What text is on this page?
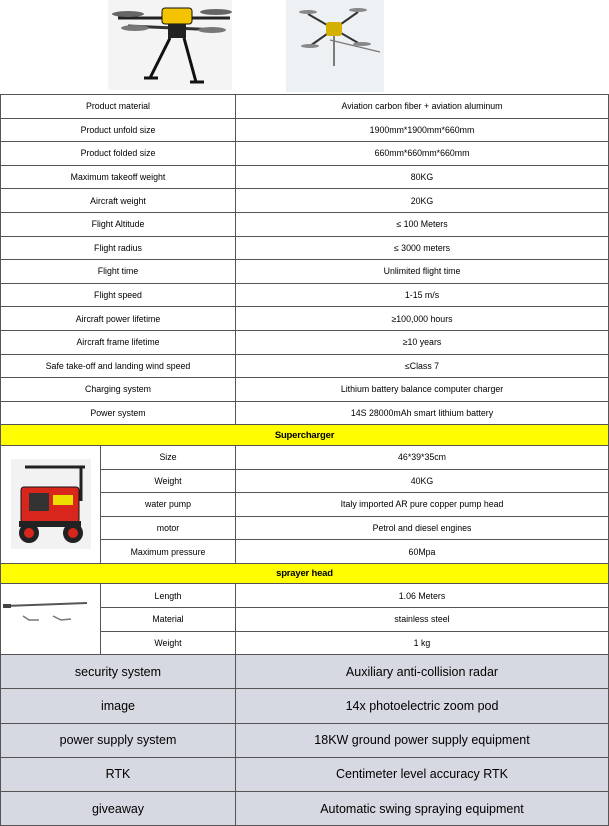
Product material		Aviation carbon fiber + aviation aluminum
Product unfold size		1900mm*1900mm*660mm
Product folded size		660mm*660mm*660mm
Maximum takeoff weight		80KG
Aircraft weight		20KG
Flight Altitude		≤ 100 Meters
Flight radius		≤ 3000 meters
Flight time		Unlimited flight time
Flight speed		1-15 m/s
Aircraft power lifetime		≥100,000 hours
Aircraft frame lifetime		≥10 years
Safe take-off and landing wind speed		≤Class 7
Charging system		Lithium battery balance computer charger
Power system		14S 28000mAh smart lithium battery
Supercharger		

	Size	46*39*35cm
	Weight	40KG
	water pump	Italy imported AR pure copper pump head
	motor	Petrol and diesel engines
	Maximum pressure	60Mpa
sprayer head		

	Length	1.06 Meters
	Material	stainless steel
	Weight	1 kg
security system		Auxiliary anti-collision radar
image		14x photoelectric zoom pod
power supply system		18KW ground power supply equipment
RTK		Centimeter level accuracy RTK
giveaway		Automatic swing spraying equipment
